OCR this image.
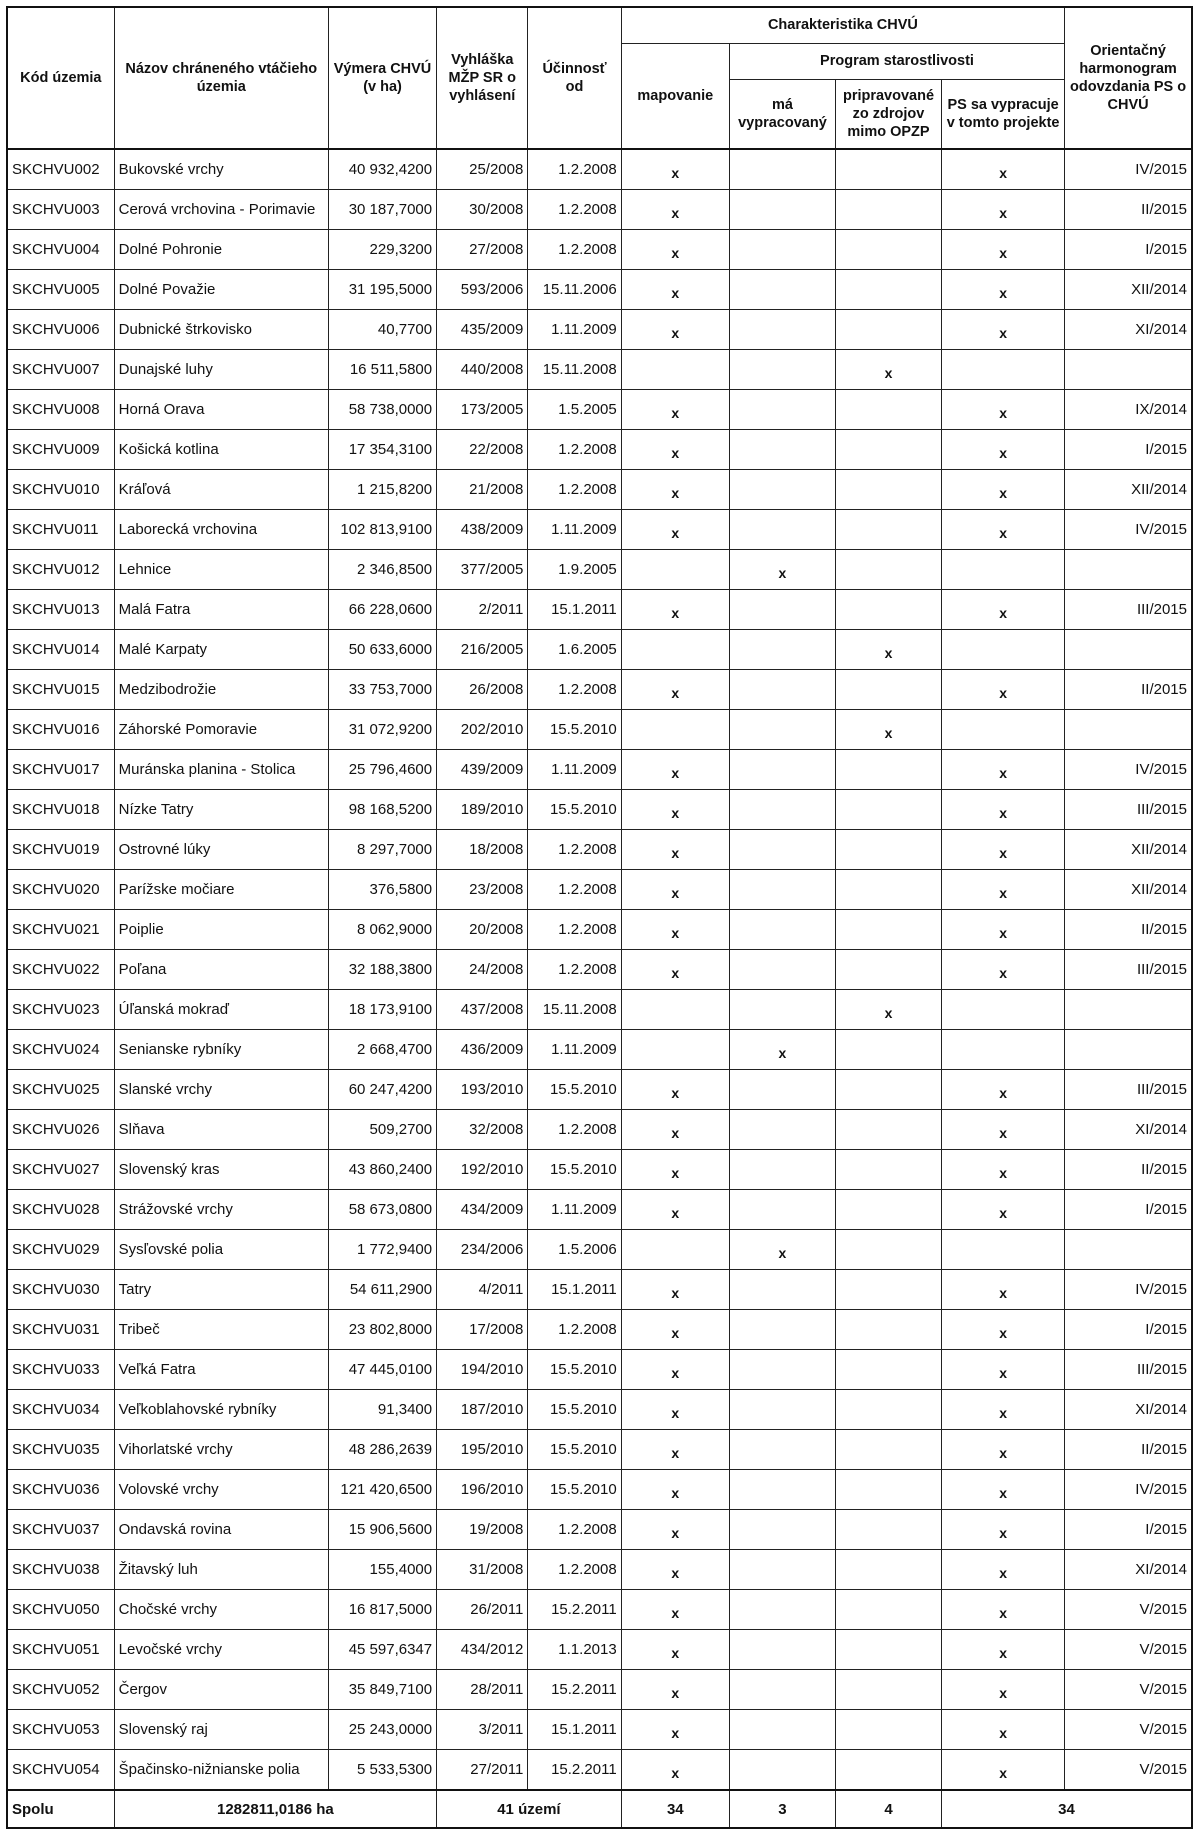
Kód územia	Názov chráneného vtáčieho územia	Výmera CHVÚ (v ha)	Vyhláška MŽP SR o vyhlásení	Účinnosť od	Charakteristika CHVÚ				Orientačný harmonogram odovzdania PS o CHVÚ
					mapovanie	Program starostlivosti			
						má vypracovaný	pripravované zo zdrojov mimo OPZP	PS sa vypracuje v tomto projekte	
SKCHVU002	Bukovské vrchy	40 932,4200	25/2008	1.2.2008	x			x	IV/2015
SKCHVU003	Cerová vrchovina - Porimavie	30 187,7000	30/2008	1.2.2008	x			x	II/2015
SKCHVU004	Dolné Pohronie	229,3200	27/2008	1.2.2008	x			x	I/2015
SKCHVU005	Dolné Považie	31 195,5000	593/2006	15.11.2006	x			x	XII/2014
SKCHVU006	Dubnické štrkovisko	40,7700	435/2009	1.11.2009	x			x	XI/2014
SKCHVU007	Dunajské luhy	16 511,5800	440/2008	15.11.2008			x		
SKCHVU008	Horná Orava	58 738,0000	173/2005	1.5.2005	x			x	IX/2014
SKCHVU009	Košická kotlina	17 354,3100	22/2008	1.2.2008	x			x	I/2015
SKCHVU010	Kráľová	1 215,8200	21/2008	1.2.2008	x			x	XII/2014
SKCHVU011	Laborecká vrchovina	102 813,9100	438/2009	1.11.2009	x			x	IV/2015
SKCHVU012	Lehnice	2 346,8500	377/2005	1.9.2005		x			
SKCHVU013	Malá Fatra	66 228,0600	2/2011	15.1.2011	x			x	III/2015
SKCHVU014	Malé Karpaty	50 633,6000	216/2005	1.6.2005			x		
SKCHVU015	Medzibodrožie	33 753,7000	26/2008	1.2.2008	x			x	II/2015
SKCHVU016	Záhorské Pomoravie	31 072,9200	202/2010	15.5.2010			x		
SKCHVU017	Muránska planina - Stolica	25 796,4600	439/2009	1.11.2009	x			x	IV/2015
SKCHVU018	Nízke Tatry	98 168,5200	189/2010	15.5.2010	x			x	III/2015
SKCHVU019	Ostrovné lúky	8 297,7000	18/2008	1.2.2008	x			x	XII/2014
SKCHVU020	Parížske močiare	376,5800	23/2008	1.2.2008	x			x	XII/2014
SKCHVU021	Poiplie	8 062,9000	20/2008	1.2.2008	x			x	II/2015
SKCHVU022	Poľana	32 188,3800	24/2008	1.2.2008	x			x	III/2015
SKCHVU023	Úľanská mokraď	18 173,9100	437/2008	15.11.2008			x		
SKCHVU024	Senianske rybníky	2 668,4700	436/2009	1.11.2009		x			
SKCHVU025	Slanské vrchy	60 247,4200	193/2010	15.5.2010	x			x	III/2015
SKCHVU026	Slňava	509,2700	32/2008	1.2.2008	x			x	XI/2014
SKCHVU027	Slovenský kras	43 860,2400	192/2010	15.5.2010	x			x	II/2015
SKCHVU028	Strážovské vrchy	58 673,0800	434/2009	1.11.2009	x			x	I/2015
SKCHVU029	Sysľovské polia	1 772,9400	234/2006	1.5.2006		x			
SKCHVU030	Tatry	54 611,2900	4/2011	15.1.2011	x			x	IV/2015
SKCHVU031	Tribeč	23 802,8000	17/2008	1.2.2008	x			x	I/2015
SKCHVU033	Veľká Fatra	47 445,0100	194/2010	15.5.2010	x			x	III/2015
SKCHVU034	Veľkoblahovské rybníky	91,3400	187/2010	15.5.2010	x			x	XI/2014
SKCHVU035	Vihorlatské vrchy	48 286,2639	195/2010	15.5.2010	x			x	II/2015
SKCHVU036	Volovské vrchy	121 420,6500	196/2010	15.5.2010	x			x	IV/2015
SKCHVU037	Ondavská rovina	15 906,5600	19/2008	1.2.2008	x			x	I/2015
SKCHVU038	Žitavský luh	155,4000	31/2008	1.2.2008	x			x	XI/2014
SKCHVU050	Chočské vrchy	16 817,5000	26/2011	15.2.2011	x			x	V/2015
SKCHVU051	Levočské vrchy	45 597,6347	434/2012	1.1.2013	x			x	V/2015
SKCHVU052	Čergov	35 849,7100	28/2011	15.2.2011	x			x	V/2015
SKCHVU053	Slovenský raj	25 243,0000	3/2011	15.1.2011	x			x	V/2015
SKCHVU054	Špačinsko-nižnianske polia	5 533,5300	27/2011	15.2.2011	x			x	V/2015
Spolu	1282811,0186 ha		41 území		34	3	4	34	
